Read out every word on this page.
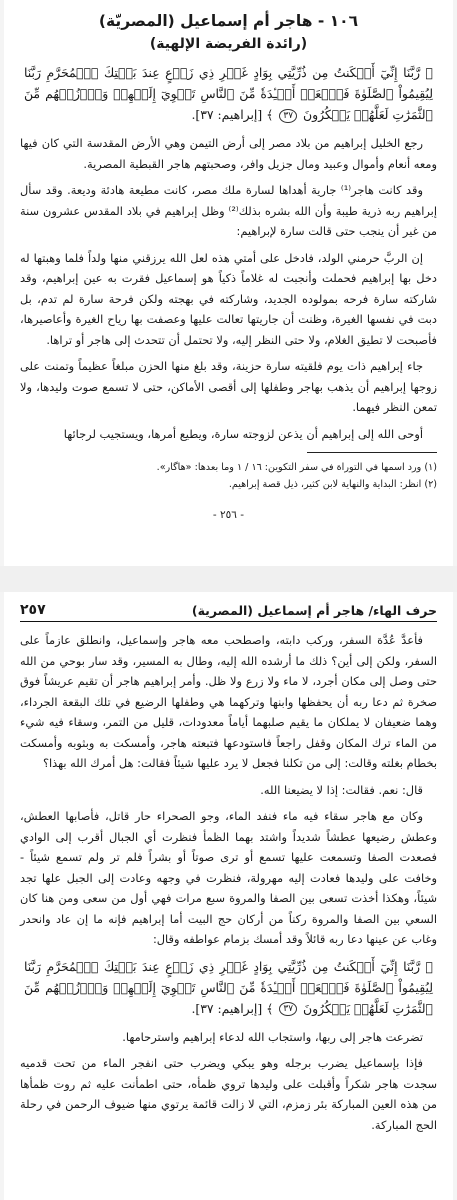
١٠٦ - هاجر أم إسماعيل (المصريّة)
(رائدة الفريضة الإلهية)
﴿ رَّبَّنَا إِنِّيٓ أَسۡكَنتُ مِن ذُرِّيَّتِي بِوَادٍ غَيۡرِ ذِي زَرۡعٍ عِندَ بَيۡتِكَ ٱلۡمُحَرَّمِ رَبَّنَا لِيُقِيمُواْ ٱلصَّلَوٰةَ فَٱجۡعَلۡ أَفۡـِٔدَةٗ مِّنَ ٱلنَّاسِ تَهۡوِيٓ إِلَيۡهِمۡ وَٱرۡزُقۡهُم مِّنَ ٱلثَّمَرَٰتِ لَعَلَّهُمۡ يَشۡكُرُونَ ٣٧ ﴾ [إبراهيم: ٣٧].

رجع الخليل إبراهيم من بلاد مصر إلى أرض التيمن وهي الأرض المقدسة التي كان فيها ومعه أنعام وأموال وعبيد ومال جزيل وافر، وصحبتهم هاجر القبطية المصرية.

وقد كانت هاجر⁽¹⁾ جارية أهداها لسارة ملك مصر، كانت مطيعة هادئة وديعة. وقد سأل إبراهيم ربه ذرية طيبة وأن الله بشره بذلك⁽²⁾ وظل إبراهيم في بلاد المقدس عشرون سنة من غير أن ينجب حتى قالت سارة لإبراهيم:

إن الربَّ حرمني الولد، فادخل على أمتي هذه لعل الله يرزقني منها ولداً فلما وهبتها له دخل بها إبراهيم فحملت وأنجبت له غلاماً ذكياً هو إسماعيل فقرت به عين إبراهيم، وقد شاركته سارة فرحه بمولوده الجديد، وشاركته في بهجته ولكن فرحة سارة لم تدم، بل دبت في نفسها الغيرة، وظنت أن جاريتها تعالت عليها وعصفت بها رياح الغيرة وأعاصيرها، فأصبحت لا تطيق الغلام، ولا حتى النظر إليه، ولا تحتمل أن تتحدث إلى هاجر أو تراها.

جاء إبراهيم ذات يوم فلقيته سارة حزينة، وقد بلغ منها الحزن مبلغاً عظيماً وتمنت على زوجها إبراهيم أن يذهب بهاجر وطفلها إلى أقصى الأماكن، حتى لا تسمع صوت وليدها، ولا تمعن النظر فيهما.

أوحى الله إلى إبراهيم أن يذعن لزوجته سارة، ويطيع أمرها، ويستجيب لرجائها

(١) ورد اسمها في التوراة في سفر التكوين: ١٦ / ١ وما بعدها: «هاگار».

(٢) انظر: البداية والنهاية لابن كثير، ذيل قصة إبراهيم.

- ٢٥٦ -
حرف الهاء/ هاجر أم إسماعيل (المصرية)
٢٥٧

فأعدَّ عُدَّة السفر، وركب دابته، واصطحب معه هاجر وإسماعيل، وانطلق عازماً على السفر، ولكن إلى أين؟ ذلك ما أرشده الله إليه، وطال به المسير، وقد سار بوحي من الله حتى وصل إلى مكان أجرد، لا ماء ولا زرع ولا ظل. وأمر إبراهيم هاجر أن تقيم عريشاً فوق صخرة ثم دعا ربه أن يحفظها وابنها وتركهما هي وطفلها الرضيع في تلك البقعة الجرداء، وهما ضعيفان لا يملكان ما يقيم صلبهما أياماً معدودات، قليل من التمر، وسقاء فيه شيء من الماء ترك المكان وقفل راجعاً فاستودعها فتبعته هاجر، وأمسكت به وبثوبه وأمسكت بخطام بغلته وقالت: إلى من تكلنا فجعل لا يرد عليها شيئاً فقالت: هل أمرك الله بهذا؟

قال: نعم. فقالت: إذا لا يضيعنا الله.

وكان مع هاجر سقاء فيه ماء فنفد الماء، وجو الصحراء حار قاتل، فأصابها العطش، وعطش رضيعها عطشاً شديداً واشتد بهما الظمأ فنظرت أي الجبال أقرب إلى الوادي فصعدت الصفا وتسمعت عليها تسمع أو ترى صوتاً أو بشراً فلم تر ولم تسمع شيئاً - وخافت على وليدها فعادت إليه مهرولة، فنظرت في وجهه وعادت إلى الجبل علها تجد شيئاً، وهكذا أخذت تسعى بين الصفا والمروة سبع مرات فهي أول من سعى ومن هنا كان السعي بين الصفا والمروة ركناً من أركان حج البيت أما إبراهيم فإنه ما إن عاد وانحدر وغاب عن عينها دعا ربه قائلاً وقد أمسك بزمام عواطفه وقال:

﴿ رَّبَّنَا إِنِّيٓ أَسۡكَنتُ مِن ذُرِّيَّتِي بِوَادٍ غَيۡرِ ذِي زَرۡعٍ عِندَ بَيۡتِكَ ٱلۡمُحَرَّمِ رَبَّنَا لِيُقِيمُواْ ٱلصَّلَوٰةَ فَٱجۡعَلۡ أَفۡـِٔدَةٗ مِّنَ ٱلنَّاسِ تَهۡوِيٓ إِلَيۡهِمۡ وَٱرۡزُقۡهُم مِّنَ ٱلثَّمَرَٰتِ لَعَلَّهُمۡ يَشۡكُرُونَ ٣٧ ﴾ [إبراهيم: ٣٧].

تضرعت هاجر إلى ربها، واستجاب الله لدعاء إبراهيم واسترحامها.

فإذا بإسماعيل يضرب برجله وهو يبكي ويضرب حتى انفجر الماء من تحت قدميه سجدت هاجر شكراً وأقبلت على وليدها تروي ظمأه، حتى اطمأنت عليه ثم روت ظمأها من هذه العين المباركة بئر زمزم، التي لا زالت قائمة يرتوي منها ضيوف الرحمن في رحلة الحج المباركة.
